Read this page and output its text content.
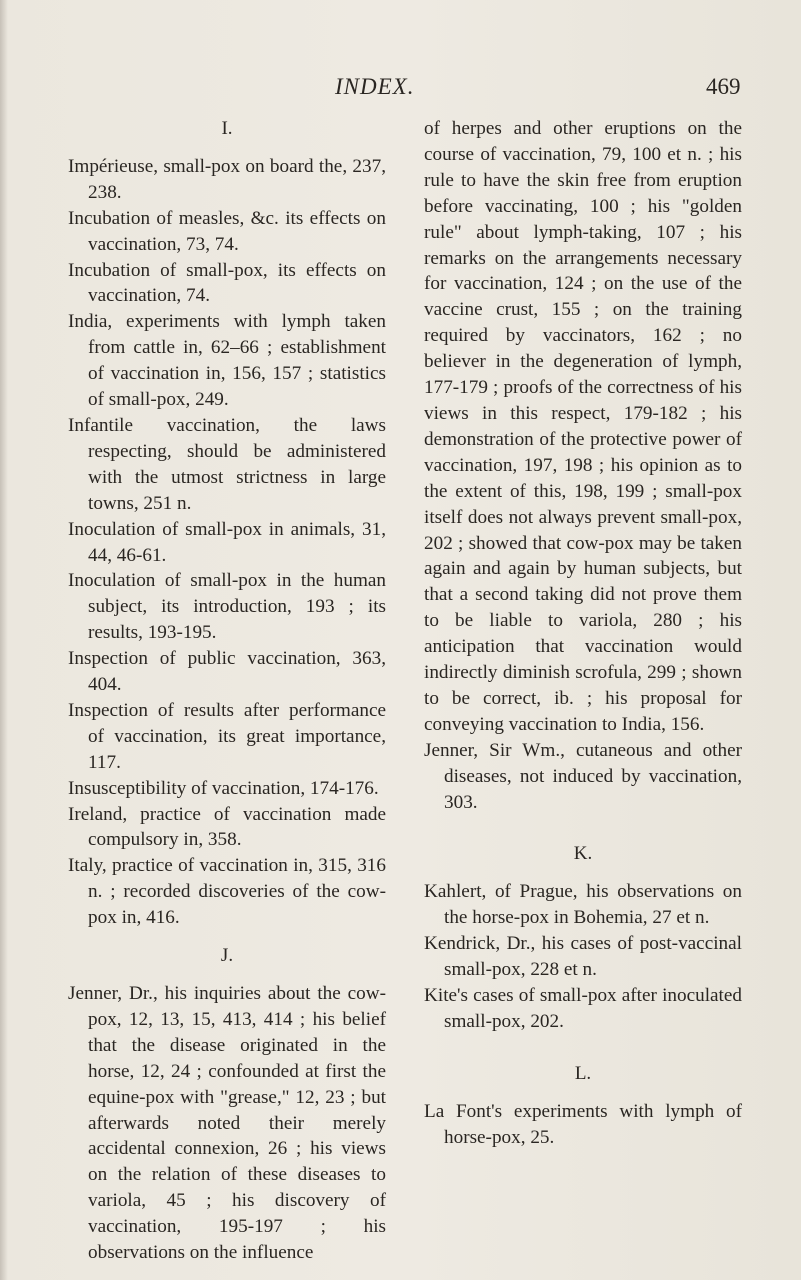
INDEX.	469
I.
Impérieuse, small-pox on board the, 237, 238.
Incubation of measles, &c. its effects on vaccination, 73, 74.
Incubation of small-pox, its effects on vaccination, 74.
India, experiments with lymph taken from cattle in, 62–66 ; establishment of vaccination in, 156, 157 ; statistics of small-pox, 249.
Infantile vaccination, the laws respecting, should be administered with the utmost strictness in large towns, 251 n.
Inoculation of small-pox in animals, 31, 44, 46-61.
Inoculation of small-pox in the human subject, its introduction, 193 ; its results, 193-195.
Inspection of public vaccination, 363, 404.
Inspection of results after performance of vaccination, its great importance, 117.
Insusceptibility of vaccination, 174-176.
Ireland, practice of vaccination made compulsory in, 358.
Italy, practice of vaccination in, 315, 316 n. ; recorded discoveries of the cow-pox in, 416.
J.
Jenner, Dr., his inquiries about the cow-pox, 12, 13, 15, 413, 414 ; his belief that the disease originated in the horse, 12, 24 ; confounded at first the equine-pox with "grease," 12, 23 ; but afterwards noted their merely accidental connexion, 26 ; his views on the relation of these diseases to variola, 45 ; his discovery of vaccination, 195-197 ; his observations on the influence
of herpes and other eruptions on the course of vaccination, 79, 100 et n. ; his rule to have the skin free from eruption before vaccinating, 100 ; his "golden rule" about lymph-taking, 107 ; his remarks on the arrangements necessary for vaccination, 124 ; on the use of the vaccine crust, 155 ; on the training required by vaccinators, 162 ; no believer in the degeneration of lymph, 177-179 ; proofs of the correctness of his views in this respect, 179-182 ; his demonstration of the protective power of vaccination, 197, 198 ; his opinion as to the extent of this, 198, 199 ; small-pox itself does not always prevent small-pox, 202 ; showed that cow-pox may be taken again and again by human subjects, but that a second taking did not prove them to be liable to variola, 280 ; his anticipation that vaccination would indirectly diminish scrofula, 299 ; shown to be correct, ib. ; his proposal for conveying vaccination to India, 156.
Jenner, Sir Wm., cutaneous and other diseases, not induced by vaccination, 303.
K.
Kahlert, of Prague, his observations on the horse-pox in Bohemia, 27 et n.
Kendrick, Dr., his cases of post-vaccinal small-pox, 228 et n.
Kite's cases of small-pox after inoculated small-pox, 202.
L.
La Font's experiments with lymph of horse-pox, 25.
